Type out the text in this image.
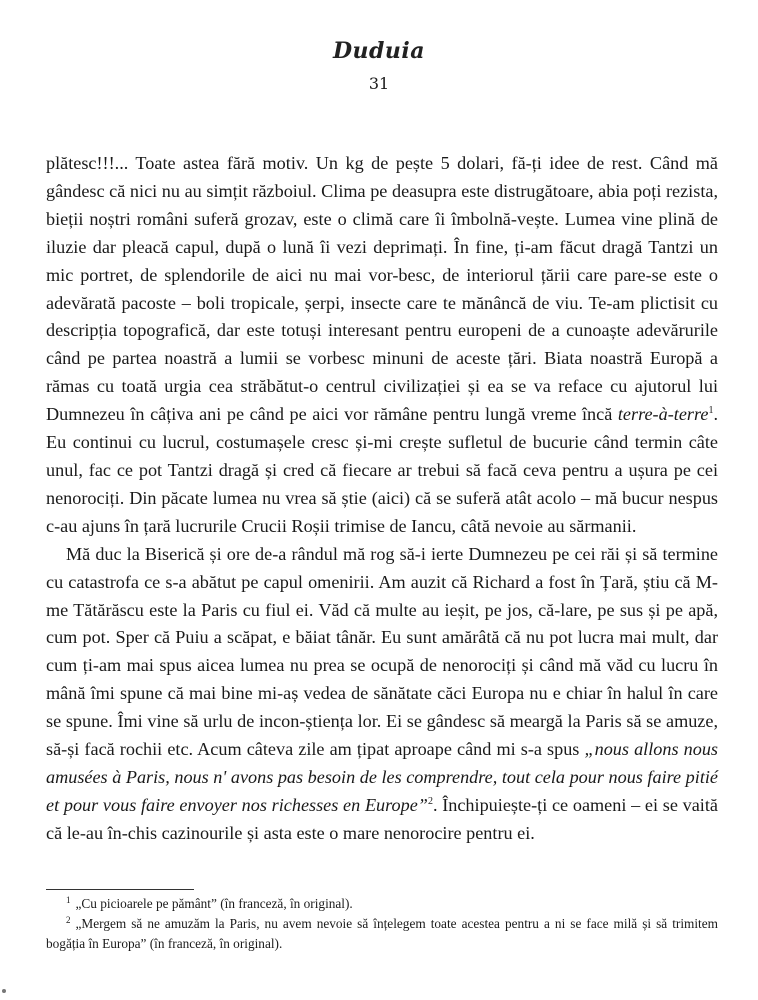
Duduia
31

plătesc!!!... Toate astea fără motiv. Un kg de pește 5 dolari, fă-ți idee de rest. Când mă gândesc că nici nu au simțit războiul. Clima pe deasupra este distrugătoare, abia poți rezista, bieții noștri români suferă grozav, este o climă care îi îmbolnă-vește. Lumea vine plină de iluzie dar pleacă capul, după o lună îi vezi deprimați. În fine, ți-am făcut dragă Tantzi un mic portret, de splendorile de aici nu mai vor-besc, de interiorul țării care pare-se este o adevărată pacoste – boli tropicale, șerpi, insecte care te mănâncă de viu. Te-am plictisit cu descripția topografică, dar este totuși interesant pentru europeni de a cunoaște adevărurile când pe partea noastră a lumii se vorbesc minuni de aceste țări. Biata noastră Europă a rămas cu toată urgia cea străbătut-o centrul civilizației și ea se va reface cu ajutorul lui Dumnezeu în câțiva ani pe când pe aici vor rămâne pentru lungă vreme încă terre-à-terre$^1$. Eu continui cu lucrul, costumașele cresc și-mi crește sufletul de bucurie când termin câte unul, fac ce pot Tantzi dragă și cred că fiecare ar trebui să facă ceva pentru a ușura pe cei nenorociți. Din păcate lumea nu vrea să știe (aici) că se suferă atât acolo – mă bucur nespus c-au ajuns în țară lucrurile Crucii Roșii trimise de Iancu, câtă nevoie au sărmanii.

Mă duc la Biserică și ore de-a rândul mă rog să-i ierte Dumnezeu pe cei răi și să termine cu catastrofa ce s-a abătut pe capul omenirii. Am auzit că Richard a fost în Țară, știu că M-me Tătărăscu este la Paris cu fiul ei. Văd că multe au ieșit, pe jos, că-lare, pe sus și pe apă, cum pot. Sper că Puiu a scăpat, e băiat tânăr. Eu sunt amărâtă că nu pot lucra mai mult, dar cum ți-am mai spus aicea lumea nu prea se ocupă de nenorociți și când mă văd cu lucru în mână îmi spune că mai bine mi-aș vedea de sănătate căci Europa nu e chiar în halul în care se spune. Îmi vine să urlu de incon-știența lor. Ei se gândesc să meargă la Paris să se amuze, să-și facă rochii etc. Acum câteva zile am țipat aproape când mi s-a spus „nous allons nous amusées à Paris, nous n' avons pas besoin de les comprendre, tout cela pour nous faire pitié et pour vous faire envoyer nos richesses en Europe”$^2$. Închipuiește-ți ce oameni – ei se vaită că le-au în-chis cazinourile și asta este o mare nenorocire pentru ei.

$^1$ „Cu picioarele pe pământ” (în franceză, în original).

$^2$ „Mergem să ne amuzăm la Paris, nu avem nevoie să înțelegem toate acestea pentru a ni se face milă și să trimitem bogăția în Europa” (în franceză, în original).
